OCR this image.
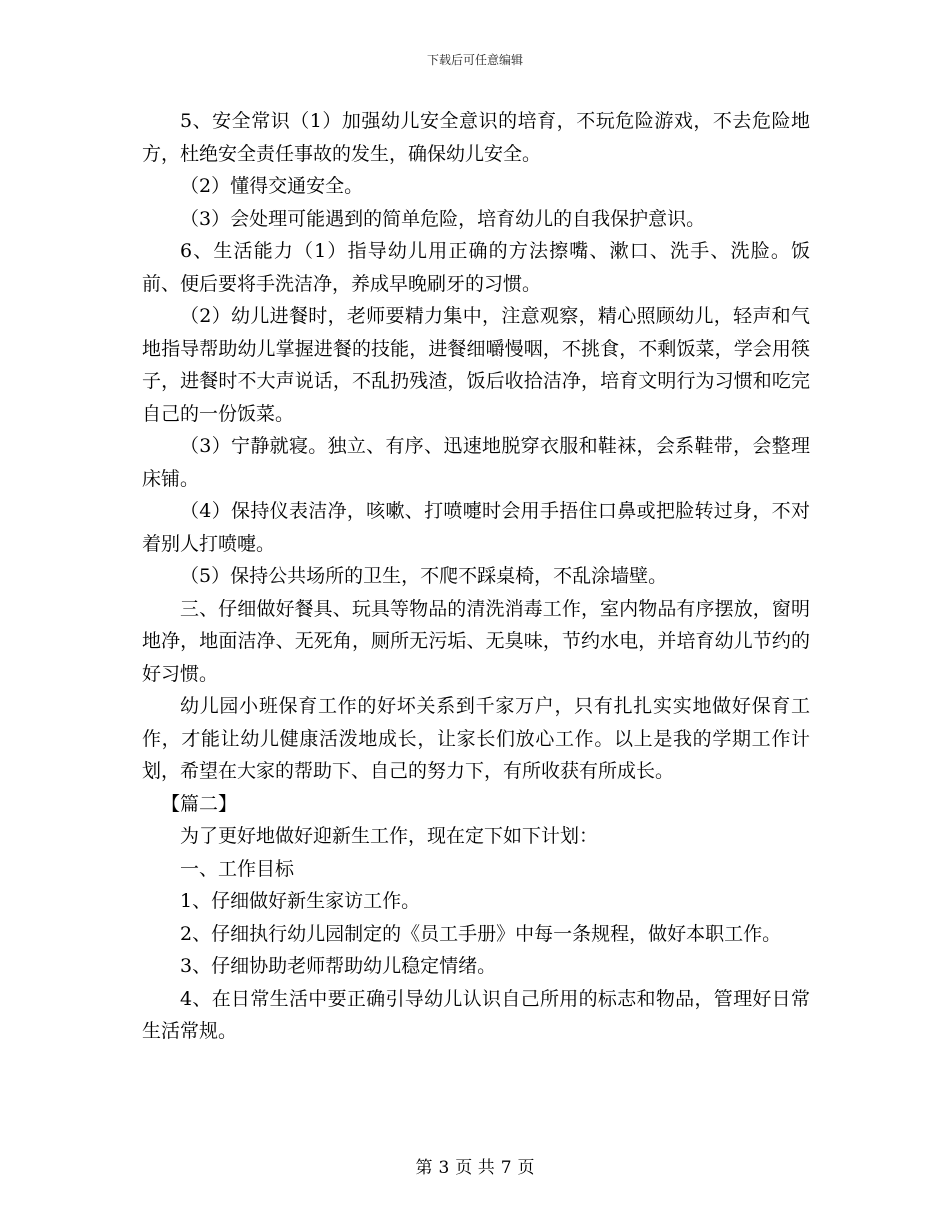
下载后可任意编辑

5、安全常识（1）加强幼儿安全意识的培育，不玩危险游戏，不去危险地方，杜绝安全责任事故的发生，确保幼儿安全。

（2）懂得交通安全。

（3）会处理可能遇到的简单危险，培育幼儿的自我保护意识。

6、生活能力（1）指导幼儿用正确的方法擦嘴、漱口、洗手、洗脸。饭前、便后要将手洗洁净，养成早晚刷牙的习惯。

（2）幼儿进餐时，老师要精力集中，注意观察，精心照顾幼儿，轻声和气地指导帮助幼儿掌握进餐的技能，进餐细嚼慢咽，不挑食，不剩饭菜，学会用筷子，进餐时不大声说话，不乱扔残渣，饭后收拾洁净，培育文明行为习惯和吃完自己的一份饭菜。

（3）宁静就寝。独立、有序、迅速地脱穿衣服和鞋袜，会系鞋带，会整理床铺。

（4）保持仪表洁净，咳嗽、打喷嚏时会用手捂住口鼻或把脸转过身，不对着别人打喷嚏。

（5）保持公共场所的卫生，不爬不踩桌椅，不乱涂墙壁。

三、仔细做好餐具、玩具等物品的清洗消毒工作，室内物品有序摆放，窗明地净，地面洁净、无死角，厕所无污垢、无臭味，节约水电，并培育幼儿节约的好习惯。

幼儿园小班保育工作的好坏关系到千家万户，只有扎扎实实地做好保育工作，才能让幼儿健康活泼地成长，让家长们放心工作。以上是我的学期工作计划，希望在大家的帮助下、自己的努力下，有所收获有所成长。

【篇二】

为了更好地做好迎新生工作，现在定下如下计划：

一、工作目标

1、仔细做好新生家访工作。

2、仔细执行幼儿园制定的《员工手册》中每一条规程，做好本职工作。

3、仔细协助老师帮助幼儿稳定情绪。

4、在日常生活中要正确引导幼儿认识自己所用的标志和物品，管理好日常生活常规。

第 3 页 共 7 页
